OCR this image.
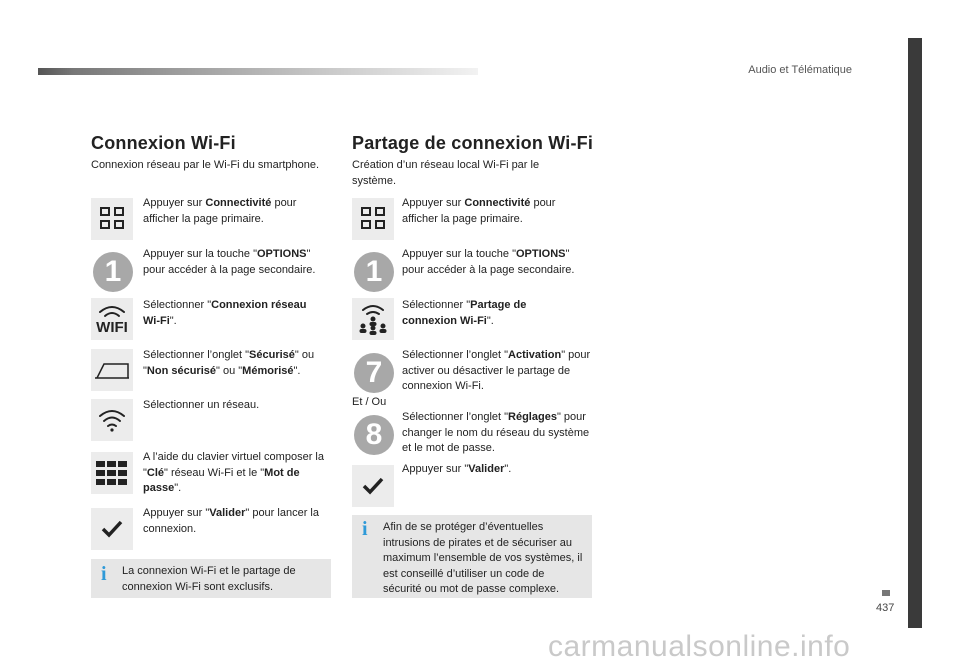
Audio et Télématique
437
Connexion Wi-Fi
Connexion réseau par le Wi-Fi du smartphone.
Appuyer sur Connectivité pour afficher la page primaire.
1
Appuyer sur la touche "OPTIONS" pour accéder à la page secondaire.
WIFI
Sélectionner "Connexion réseau Wi-Fi".
Sélectionner l’onglet "Sécurisé" ou "Non sécurisé" ou "Mémorisé".
Sélectionner un réseau.
A l’aide du clavier virtuel composer la "Clé" réseau Wi-Fi et le "Mot de passe".
Appuyer sur "Valider" pour lancer la connexion.
i La connexion Wi-Fi et le partage de connexion Wi-Fi sont exclusifs.
Partage de connexion Wi-Fi
Création d’un réseau local Wi-Fi par le système.
Appuyer sur Connectivité pour afficher la page primaire.
1
Appuyer sur la touche "OPTIONS" pour accéder à la page secondaire.
Sélectionner "Partage de connexion Wi-Fi".
7
Sélectionner l’onglet "Activation" pour activer ou désactiver le partage de connexion Wi-Fi.
Et / Ou
8
Sélectionner l’onglet "Réglages" pour changer le nom du réseau du système et le mot de passe.
Appuyer sur "Valider".
i Afin de se protéger d’éventuelles intrusions de pirates et de sécuriser au maximum l’ensemble de vos systèmes, il est conseillé d’utiliser un code de sécurité ou mot de passe complexe.
carmanualsonline.info
